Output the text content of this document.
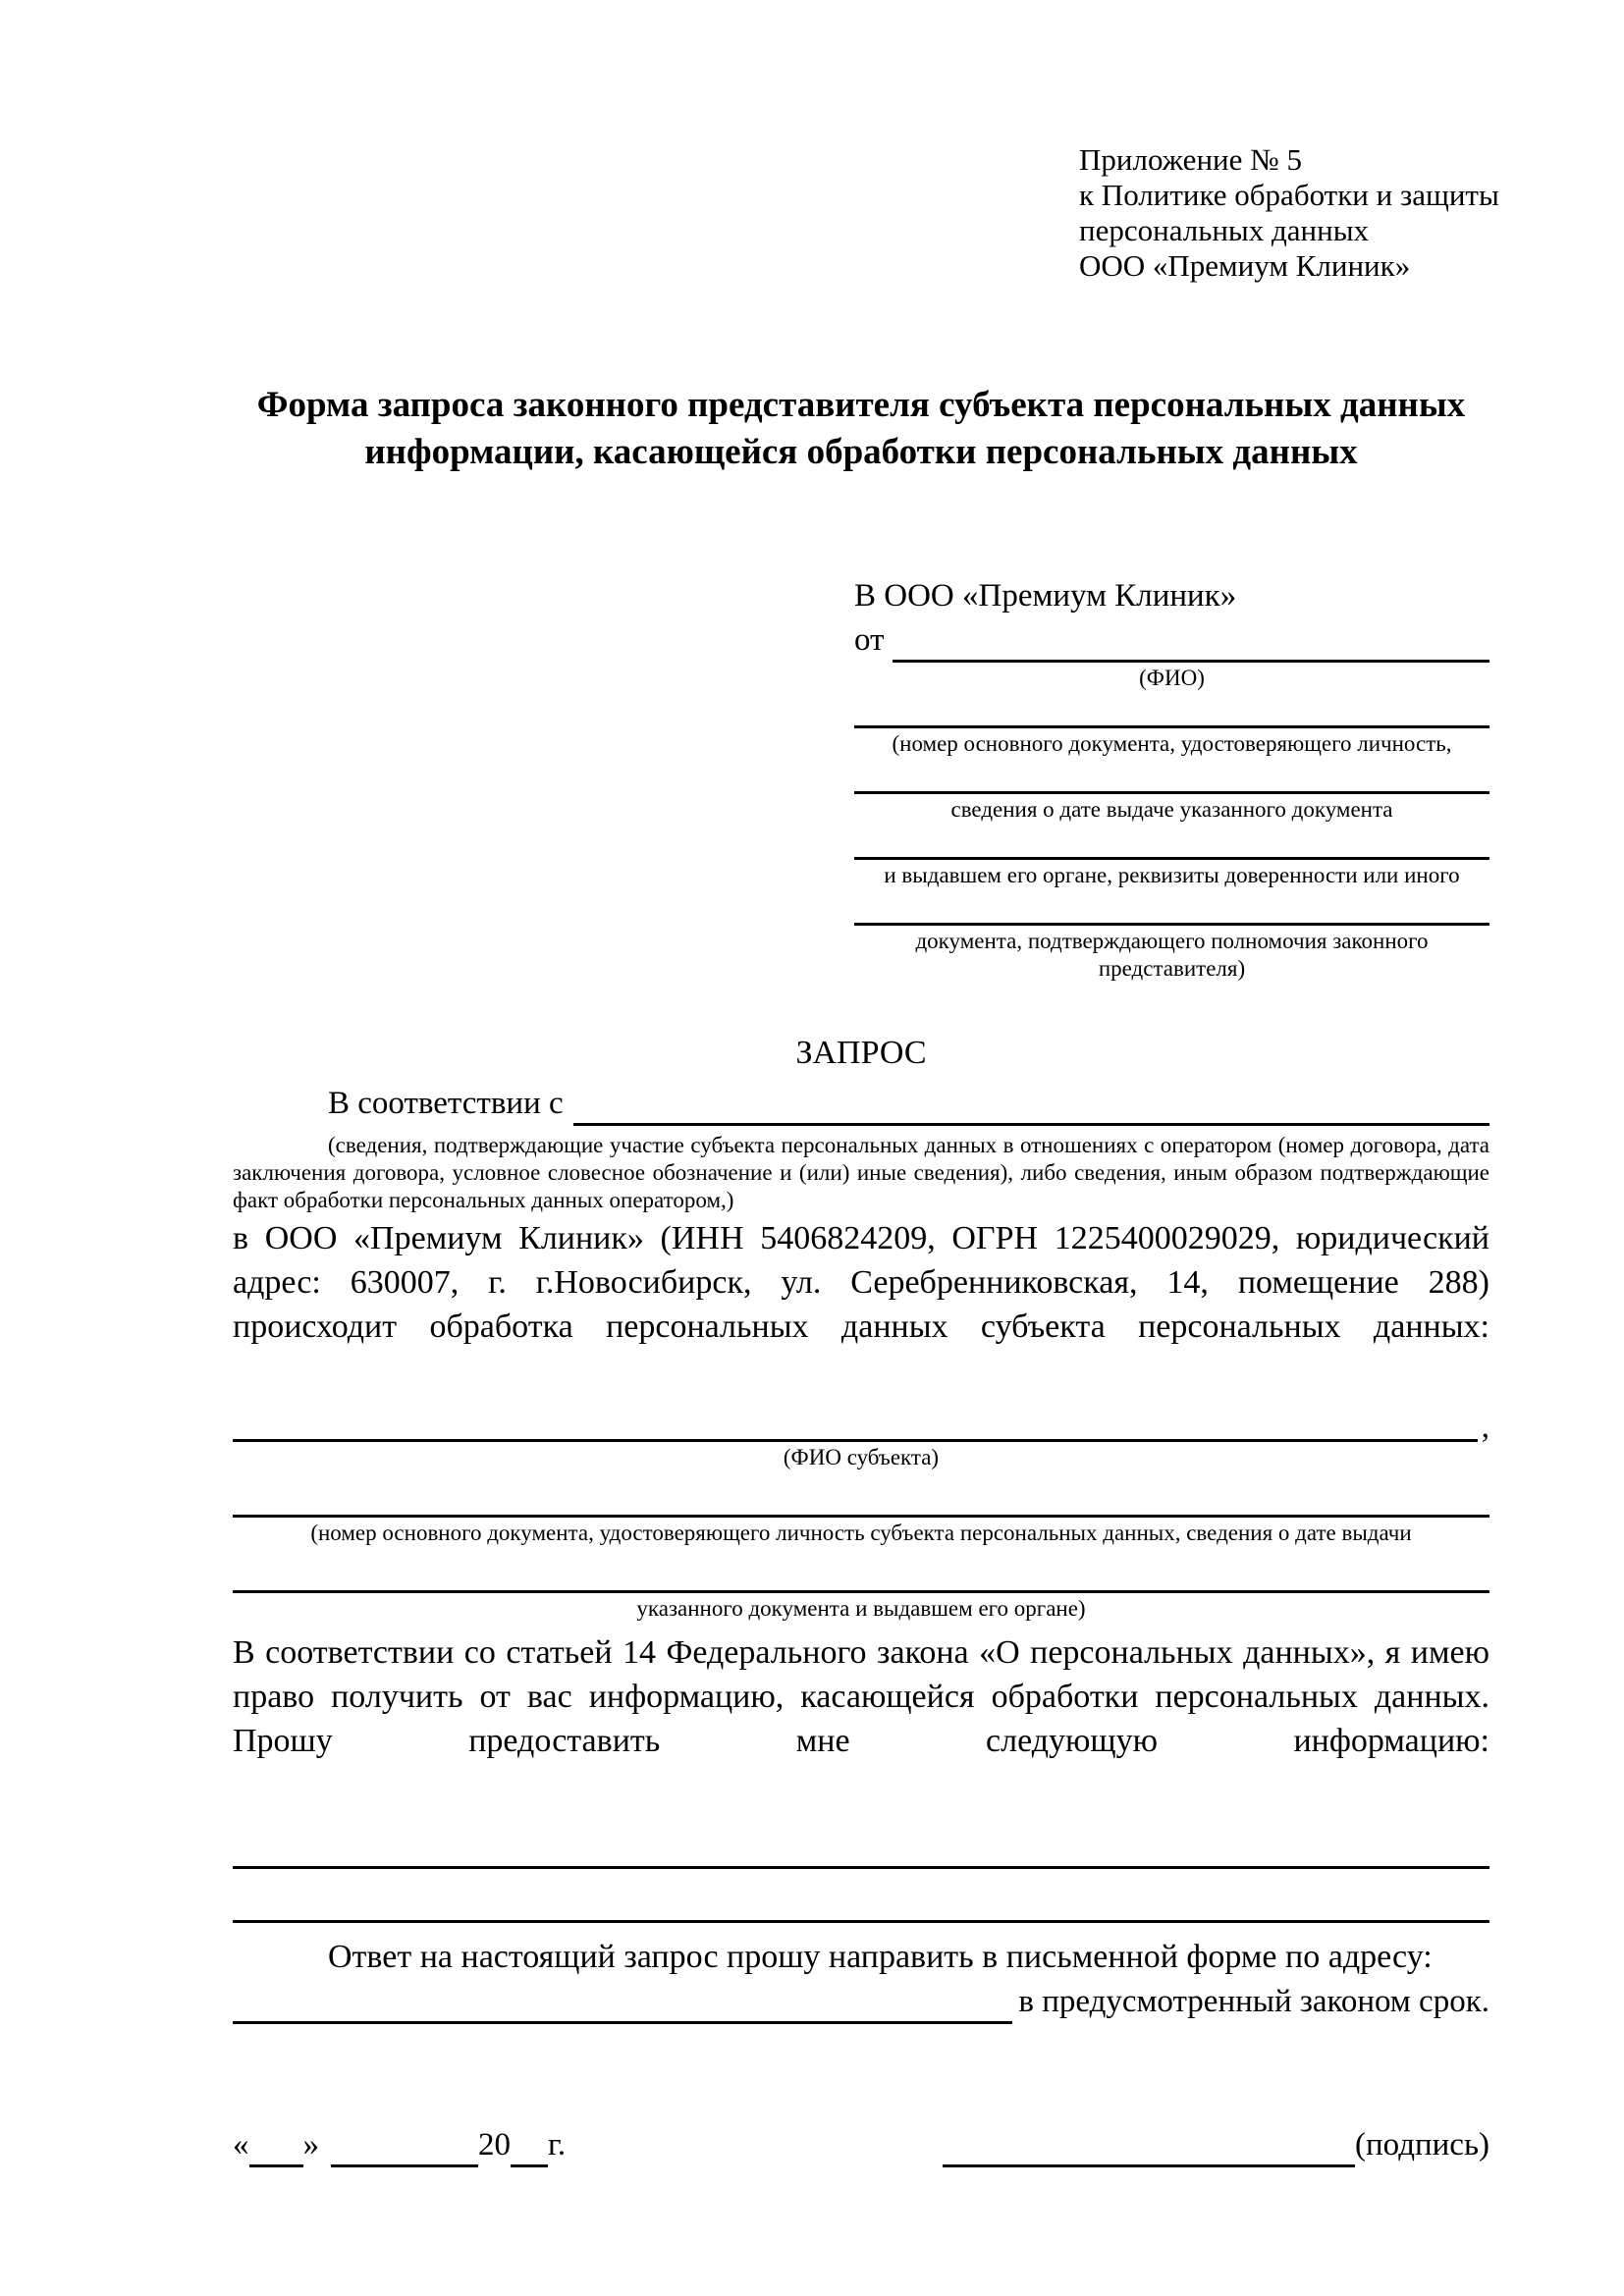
Приложение № 5
к Политике обработки и защиты
персональных данных
ООО «Премиум Клиник»
Форма запроса законного представителя субъекта персональных данных
информации, касающейся обработки персональных данных
В ООО «Премиум Клиник»
от
(ФИО)
(номер основного документа, удостоверяющего личность,
сведения о дате выдаче указанного документа
и выдавшем его органе, реквизиты доверенности или иного
документа, подтверждающего полномочия законного представителя)
ЗАПРОС
В соответствии с
(сведения, подтверждающие участие субъекта персональных данных в отношениях с оператором (номер договора, дата заключения договора, условное словесное обозначение и (или) иные сведения), либо сведения, иным образом подтверждающие факт обработки персональных данных оператором,)
в ООО «Премиум Клиник» (ИНН 5406824209, ОГРН 1225400029029, юридический адрес: 630007, г. г.Новосибирск, ул. Серебренниковская, 14, помещение 288) происходит обработка персональных данных субъекта персональных данных:
,
(ФИО субъекта)
(номер основного документа, удостоверяющего личность субъекта персональных данных, сведения о дате выдачи
указанного документа и выдавшем его органе)
В соответствии со статьей 14 Федерального закона «О персональных данных», я имею право получить от вас информацию, касающейся обработки персональных данных. Прошу предоставить мне следующую информацию:
Ответ на настоящий запрос прошу направить в письменной форме по адресу:
в предусмотренный законом срок.
« »	20 г.	(подпись)
